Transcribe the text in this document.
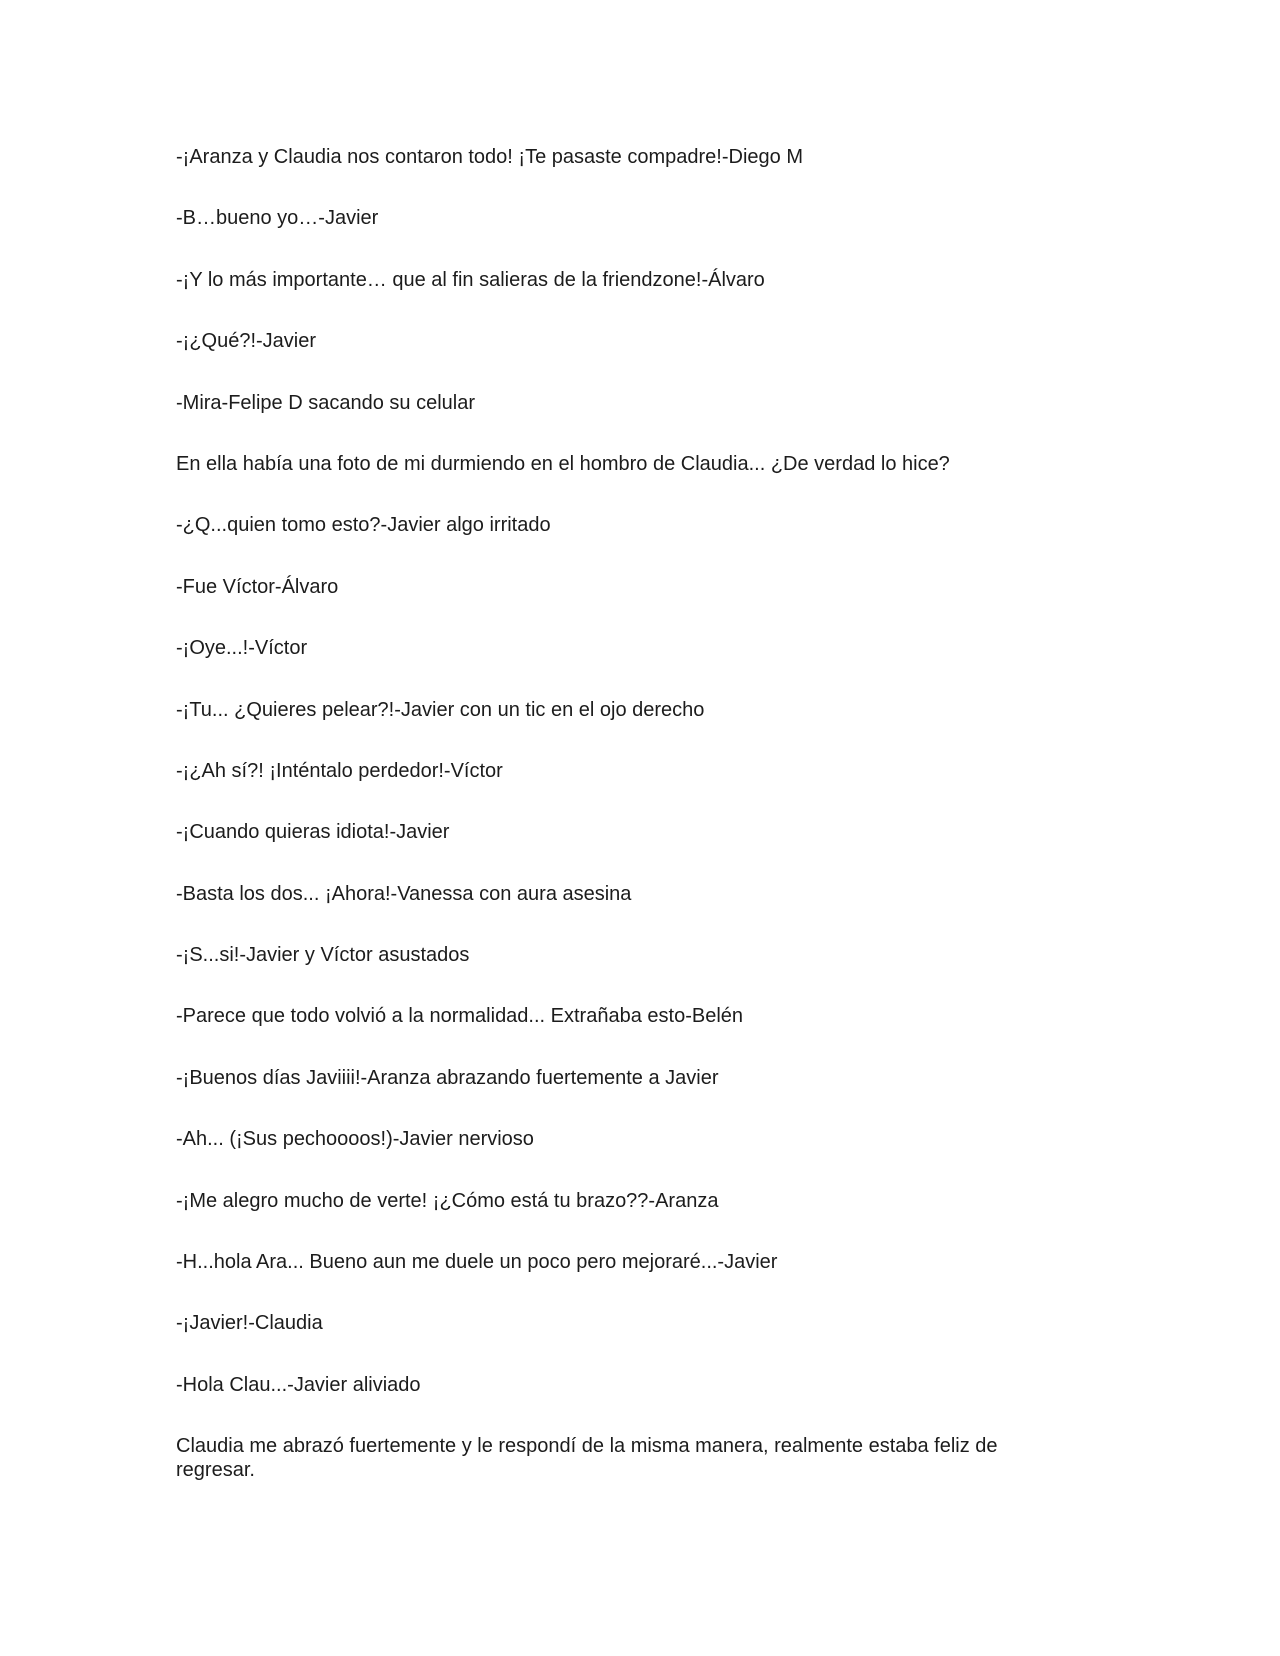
-¡Aranza y Claudia nos contaron todo! ¡Te pasaste compadre!-Diego M

-B…bueno yo…-Javier

-¡Y lo más importante… que al fin salieras de la friendzone!-Álvaro

-¡¿Qué?!-Javier

-Mira-Felipe D sacando su celular

En ella había una foto de mi durmiendo en el hombro de Claudia... ¿De verdad lo hice?

-¿Q...quien tomo esto?-Javier algo irritado

-Fue Víctor-Álvaro

-¡Oye...!-Víctor

-¡Tu... ¿Quieres pelear?!-Javier con un tic en el ojo derecho

-¡¿Ah sí?! ¡Inténtalo perdedor!-Víctor

-¡Cuando quieras idiota!-Javier

-Basta los dos... ¡Ahora!-Vanessa con aura asesina

-¡S...si!-Javier y Víctor asustados

-Parece que todo volvió a la normalidad... Extrañaba esto-Belén

-¡Buenos días Javiiii!-Aranza abrazando fuertemente a Javier

-Ah... (¡Sus pechoooos!)-Javier nervioso

-¡Me alegro mucho de verte! ¡¿Cómo está tu brazo??-Aranza

-H...hola Ara... Bueno aun me duele un poco pero mejoraré...-Javier

-¡Javier!-Claudia

-Hola Clau...-Javier aliviado

Claudia me abrazó fuertemente y le respondí de la misma manera, realmente estaba feliz de regresar.
